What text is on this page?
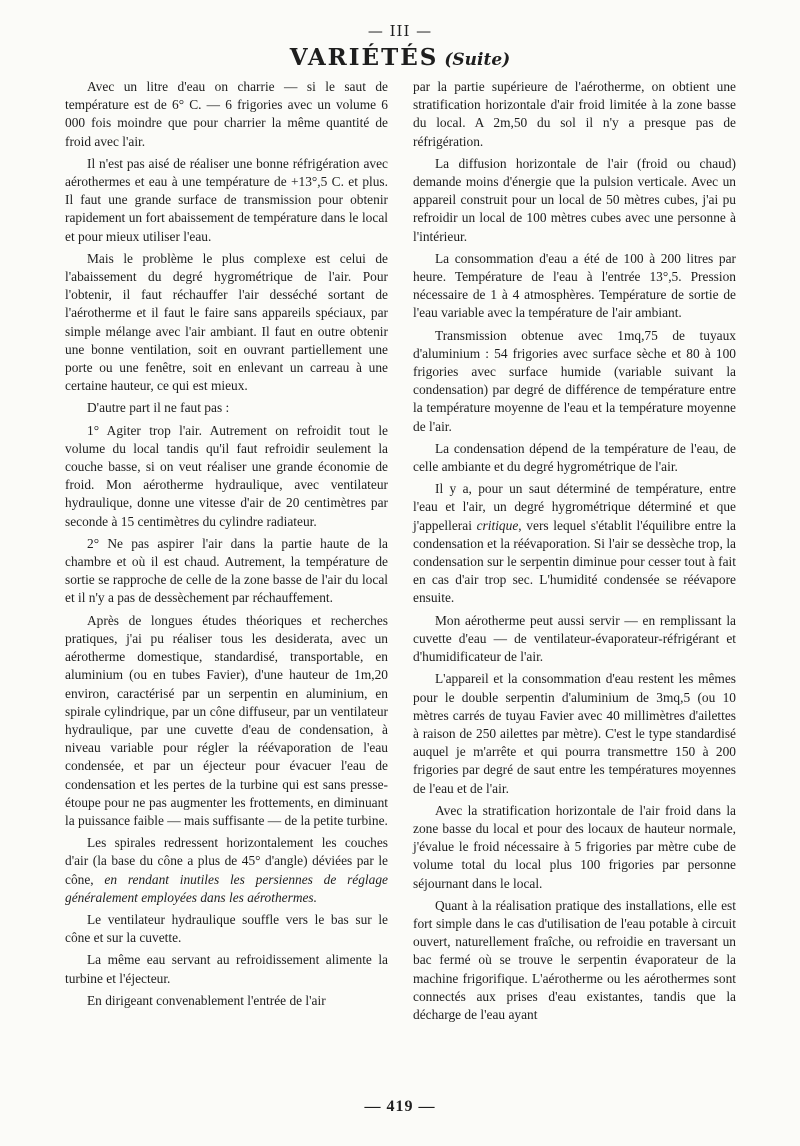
— III —
VARIÉTÉS (Suite)

Avec un litre d'eau on charrie — si le saut de température est de 6° C. — 6 frigories avec un volume 6 000 fois moindre que pour charrier la même quantité de froid avec l'air.

Il n'est pas aisé de réaliser une bonne réfrigération avec aérothermes et eau à une température de +13°,5 C. et plus. Il faut une grande surface de transmission pour obtenir rapidement un fort abaissement de température dans le local et pour mieux utiliser l'eau.

Mais le problème le plus complexe est celui de l'abaissement du degré hygrométrique de l'air. Pour l'obtenir, il faut réchauffer l'air desséché sortant de l'aérotherme et il faut le faire sans appareils spéciaux, par simple mélange avec l'air ambiant. Il faut en outre obtenir une bonne ventilation, soit en ouvrant partiellement une porte ou une fenêtre, soit en enlevant un carreau à une certaine hauteur, ce qui est mieux.

D'autre part il ne faut pas :

1° Agiter trop l'air. Autrement on refroidit tout le volume du local tandis qu'il faut refroidir seulement la couche basse, si on veut réaliser une grande économie de froid. Mon aérotherme hydraulique, avec ventilateur hydraulique, donne une vitesse d'air de 20 centimètres par seconde à 15 centimètres du cylindre radiateur.

2° Ne pas aspirer l'air dans la partie haute de la chambre et où il est chaud. Autrement, la température de sortie se rapproche de celle de la zone basse de l'air du local et il n'y a pas de dessèchement par réchauffement.

Après de longues études théoriques et recherches pratiques, j'ai pu réaliser tous les desiderata, avec un aérotherme domestique, standardisé, transportable, en aluminium (ou en tubes Favier), d'une hauteur de 1m,20 environ, caractérisé par un serpentin en aluminium, en spirale cylindrique, par un cône diffuseur, par un ventilateur hydraulique, par une cuvette d'eau de condensation, à niveau variable pour régler la réévaporation de l'eau condensée, et par un éjecteur pour évacuer l'eau de condensation et les pertes de la turbine qui est sans presse-étoupe pour ne pas augmenter les frottements, en diminuant la puissance faible — mais suffisante — de la petite turbine.

Les spirales redressent horizontalement les couches d'air (la base du cône a plus de 45° d'angle) déviées par le cône, en rendant inutiles les persiennes de réglage généralement employées dans les aérothermes.

Le ventilateur hydraulique souffle vers le bas sur le cône et sur la cuvette.

La même eau servant au refroidissement alimente la turbine et l'éjecteur.

En dirigeant convenablement l'entrée de l'air

par la partie supérieure de l'aérotherme, on obtient une stratification horizontale d'air froid limitée à la zone basse du local. A 2m,50 du sol il n'y a presque pas de réfrigération.

La diffusion horizontale de l'air (froid ou chaud) demande moins d'énergie que la pulsion verticale. Avec un appareil construit pour un local de 50 mètres cubes, j'ai pu refroidir un local de 100 mètres cubes avec une personne à l'intérieur.

La consommation d'eau a été de 100 à 200 litres par heure. Température de l'eau à l'entrée 13°,5. Pression nécessaire de 1 à 4 atmosphères. Température de sortie de l'eau variable avec la température de l'air ambiant.

Transmission obtenue avec 1mq,75 de tuyaux d'aluminium : 54 frigories avec surface sèche et 80 à 100 frigories avec surface humide (variable suivant la condensation) par degré de différence de température entre la température moyenne de l'eau et la température moyenne de l'air.

La condensation dépend de la température de l'eau, de celle ambiante et du degré hygrométrique de l'air.

Il y a, pour un saut déterminé de température, entre l'eau et l'air, un degré hygrométrique déterminé et que j'appellerai critique, vers lequel s'établit l'équilibre entre la condensation et la réévaporation. Si l'air se dessèche trop, la condensation sur le serpentin diminue pour cesser tout à fait en cas d'air trop sec. L'humidité condensée se réévapore ensuite.

Mon aérotherme peut aussi servir — en remplissant la cuvette d'eau — de ventilateur-évaporateur-réfrigérant et d'humidificateur de l'air.

L'appareil et la consommation d'eau restent les mêmes pour le double serpentin d'aluminium de 3mq,5 (ou 10 mètres carrés de tuyau Favier avec 40 millimètres d'ailettes à raison de 250 ailettes par mètre). C'est le type standardisé auquel je m'arrête et qui pourra transmettre 150 à 200 frigories par degré de saut entre les températures moyennes de l'eau et de l'air.

Avec la stratification horizontale de l'air froid dans la zone basse du local et pour des locaux de hauteur normale, j'évalue le froid nécessaire à 5 frigories par mètre cube de volume total du local plus 100 frigories par personne séjournant dans le local.

Quant à la réalisation pratique des installations, elle est fort simple dans le cas d'utilisation de l'eau potable à circuit ouvert, naturellement fraîche, ou refroidie en traversant un bac fermé où se trouve le serpentin évaporateur de la machine frigorifique. L'aérotherme ou les aérothermes sont connectés aux prises d'eau existantes, tandis que la décharge de l'eau ayant

— 419 —
